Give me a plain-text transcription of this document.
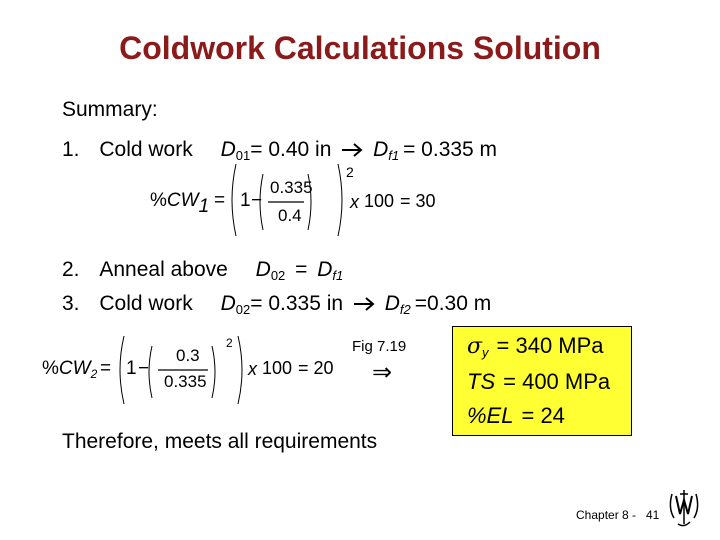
Coldwork Calculations Solution
Summary:
1. Cold work $D_{01}= 0.40$ in $D_{f1} = 0.335$ m
%CW1 = 1 −
0.335
0.4
2
x 100 = 30
2. Anneal above $D_{02} = D_{f1}$
3. Cold work $D_{02}= 0.335$ in $D_{f2} =0.30$ m
$\%CW_2 = 1$ −
0.3
0.335
2
x 100 = 20
Fig 7.19
⇒
$\sigma_y = 340$ MPa
TS = 400 MPa
%EL = 24
Therefore, meets all requirements
Chapter 8 - 41
